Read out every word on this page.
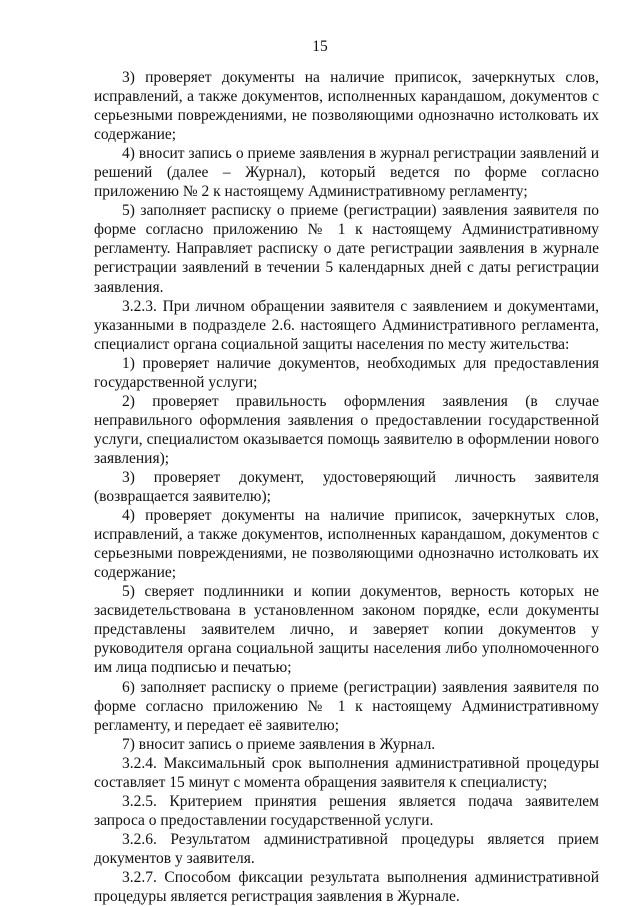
15

3) проверяет документы на наличие приписок, зачеркнутых слов, исправлений, а также документов, исполненных карандашом, документов с серьезными повреждениями, не позволяющими однозначно истолковать их содержание;

4) вносит запись о приеме заявления в журнал регистрации заявлений и решений (далее – Журнал), который ведется по форме согласно приложению № 2 к настоящему Административному регламенту;

5) заполняет расписку о приеме (регистрации) заявления заявителя по форме согласно приложению № 1 к настоящему Административному регламенту. Направляет расписку о дате регистрации заявления в журнале регистрации заявлений в течении 5 календарных дней с даты регистрации заявления.

3.2.3. При личном обращении заявителя с заявлением и документами, указанными в подразделе 2.6. настоящего Административного регламента, специалист органа социальной защиты населения по месту жительства:

1) проверяет наличие документов, необходимых для предоставления государственной услуги;

2) проверяет правильность оформления заявления (в случае неправильного оформления заявления о предоставлении государственной услуги, специалистом оказывается помощь заявителю в оформлении нового заявления);

3) проверяет документ, удостоверяющий личность заявителя (возвращается заявителю);

4) проверяет документы на наличие приписок, зачеркнутых слов, исправлений, а также документов, исполненных карандашом, документов с серьезными повреждениями, не позволяющими однозначно истолковать их содержание;

5) сверяет подлинники и копии документов, верность которых не засвидетельствована в установленном законом порядке, если документы представлены заявителем лично, и заверяет копии документов у руководителя органа социальной защиты населения либо уполномоченного им лица подписью и печатью;

6) заполняет расписку о приеме (регистрации) заявления заявителя по форме согласно приложению № 1 к настоящему Административному регламенту, и передает её заявителю;

7) вносит запись о приеме заявления в Журнал.

3.2.4. Максимальный срок выполнения административной процедуры составляет 15 минут с момента обращения заявителя к специалисту;

3.2.5. Критерием принятия решения является подача заявителем запроса о предоставлении государственной услуги.

3.2.6. Результатом административной процедуры является прием документов у заявителя.

3.2.7. Способом фиксации результата выполнения административной процедуры является регистрация заявления в Журнале.
